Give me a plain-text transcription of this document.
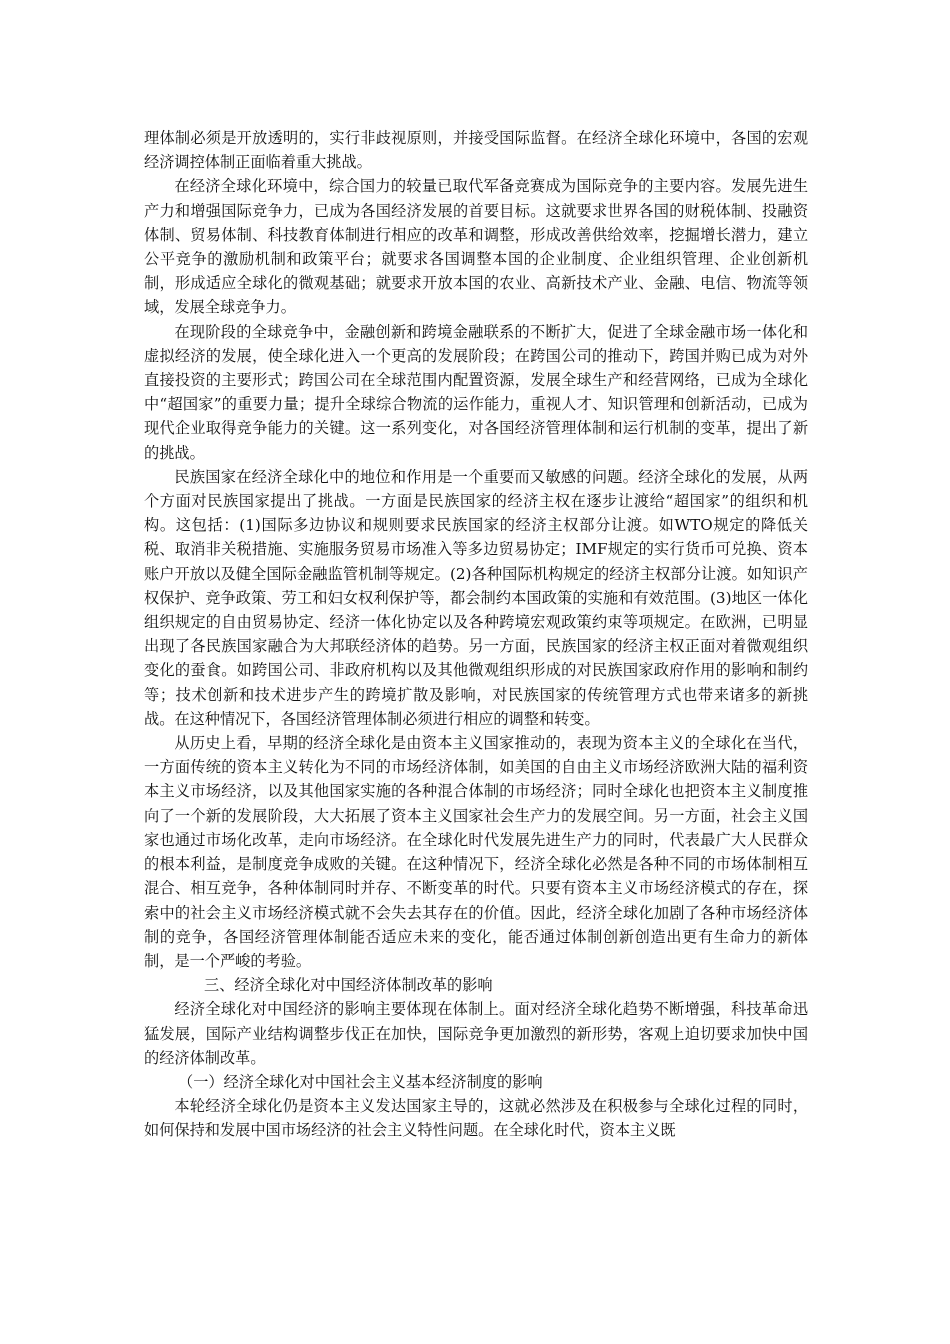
理体制必须是开放透明的，实行非歧视原则，并接受国际监督。在经济全球化环境中，各国的宏观经济调控体制正面临着重大挑战。

在经济全球化环境中，综合国力的较量已取代军备竞赛成为国际竞争的主要内容。发展先进生产力和增强国际竞争力，已成为各国经济发展的首要目标。这就要求世界各国的财税体制、投融资体制、贸易体制、科技教育体制进行相应的改革和调整，形成改善供给效率，挖掘增长潜力，建立公平竞争的激励机制和政策平台；就要求各国调整本国的企业制度、企业组织管理、企业创新机制，形成适应全球化的微观基础；就要求开放本国的农业、高新技术产业、金融、电信、物流等领域，发展全球竞争力。

在现阶段的全球竞争中，金融创新和跨境金融联系的不断扩大，促进了全球金融市场一体化和虚拟经济的发展，使全球化进入一个更高的发展阶段；在跨国公司的推动下，跨国并购已成为对外直接投资的主要形式；跨国公司在全球范围内配置资源，发展全球生产和经营网络，已成为全球化中“超国家”的重要力量；提升全球综合物流的运作能力，重视人才、知识管理和创新活动，已成为现代企业取得竞争能力的关键。这一系列变化，对各国经济管理体制和运行机制的变革，提出了新的挑战。

民族国家在经济全球化中的地位和作用是一个重要而又敏感的问题。经济全球化的发展，从两个方面对民族国家提出了挑战。一方面是民族国家的经济主权在逐步让渡给“超国家”的组织和机构。这包括：(1)国际多边协议和规则要求民族国家的经济主权部分让渡。如WTO规定的降低关税、取消非关税措施、实施服务贸易市场准入等多边贸易协定；IMF规定的实行货币可兑换、资本账户开放以及健全国际金融监管机制等规定。(2)各种国际机构规定的经济主权部分让渡。如知识产权保护、竞争政策、劳工和妇女权利保护等，都会制约本国政策的实施和有效范围。(3)地区一体化组织规定的自由贸易协定、经济一体化协定以及各种跨境宏观政策约束等项规定。在欧洲，已明显出现了各民族国家融合为大邦联经济体的趋势。另一方面，民族国家的经济主权正面对着微观组织变化的蚕食。如跨国公司、非政府机构以及其他微观组织形成的对民族国家政府作用的影响和制约等；技术创新和技术进步产生的跨境扩散及影响，对民族国家的传统管理方式也带来诸多的新挑战。在这种情况下，各国经济管理体制必须进行相应的调整和转变。

从历史上看，早期的经济全球化是由资本主义国家推动的，表现为资本主义的全球化在当代，一方面传统的资本主义转化为不同的市场经济体制，如美国的自由主义市场经济欧洲大陆的福利资本主义市场经济，以及其他国家实施的各种混合体制的市场经济；同时全球化也把资本主义制度推向了一个新的发展阶段，大大拓展了资本主义国家社会生产力的发展空间。另一方面，社会主义国家也通过市场化改革，走向市场经济。在全球化时代发展先进生产力的同时，代表最广大人民群众的根本利益，是制度竞争成败的关键。在这种情况下，经济全球化必然是各种不同的市场体制相互混合、相互竞争，各种体制同时并存、不断变革的时代。只要有资本主义市场经济模式的存在，探索中的社会主义市场经济模式就不会失去其存在的价值。因此，经济全球化加剧了各种市场经济体制的竞争，各国经济管理体制能否适应未来的变化，能否通过体制创新创造出更有生命力的新体制，是一个严峻的考验。

三、经济全球化对中国经济体制改革的影响

经济全球化对中国经济的影响主要体现在体制上。面对经济全球化趋势不断增强，科技革命迅猛发展，国际产业结构调整步伐正在加快，国际竞争更加激烈的新形势，客观上迫切要求加快中国的经济体制改革。

（一）经济全球化对中国社会主义基本经济制度的影响

本轮经济全球化仍是资本主义发达国家主导的，这就必然涉及在积极参与全球化过程的同时，如何保持和发展中国市场经济的社会主义特性问题。在全球化时代，资本主义既
